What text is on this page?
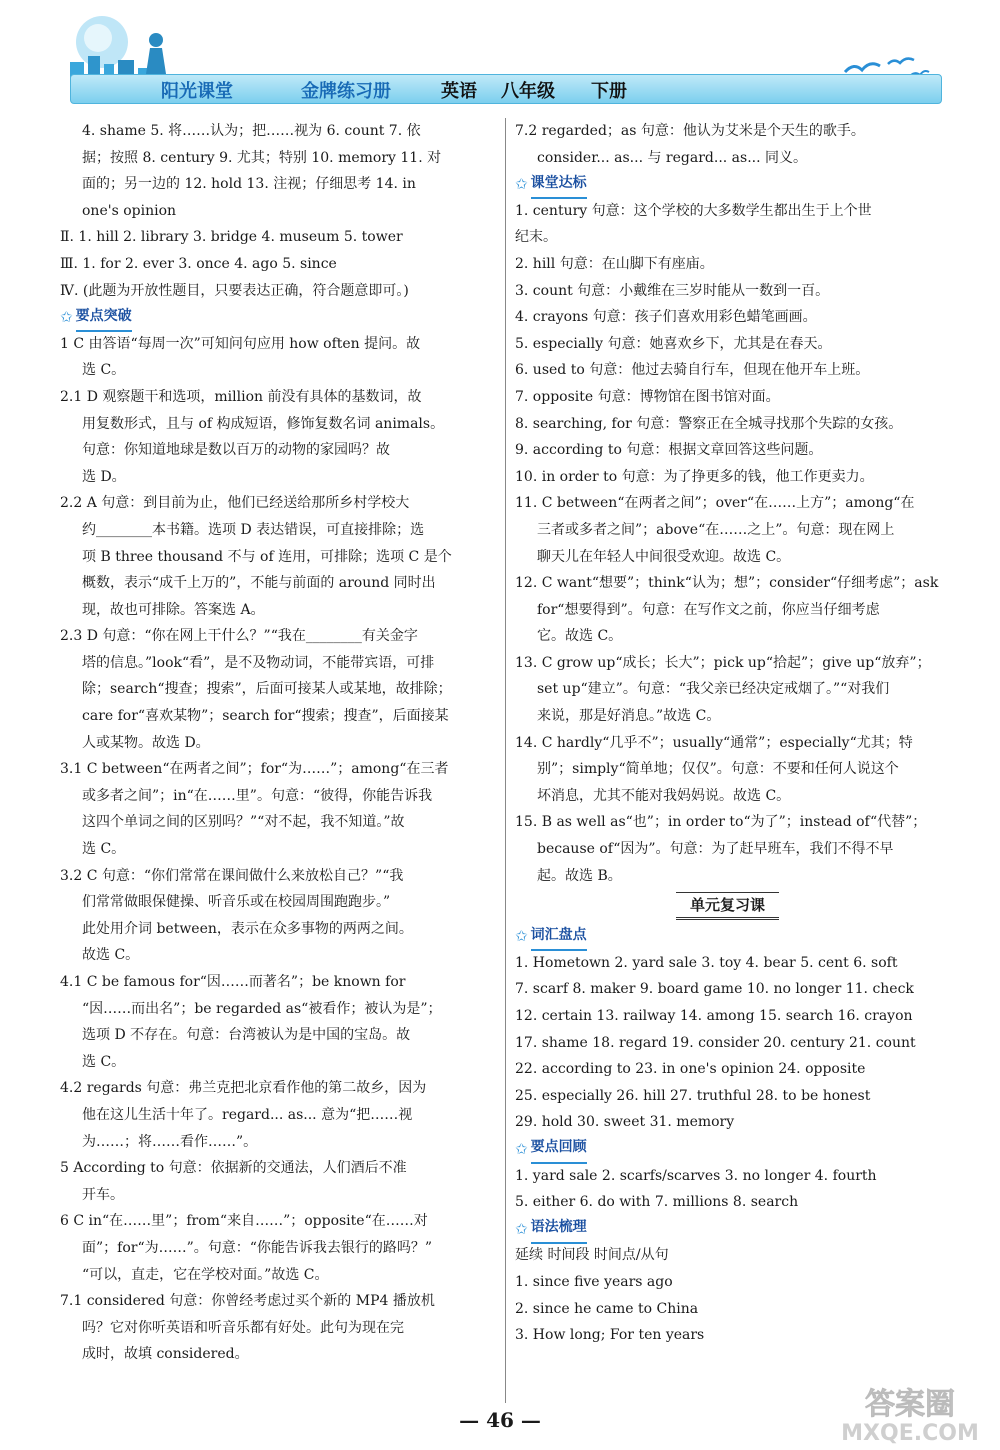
阳光课堂	金牌练习册	英语 八年级 下册
4. shame 5. 将……认为；把……视为 6. count 7. 依
据；按照 8. century 9. 尤其；特别 10. memory 11. 对
面的；另一边的 12. hold 13. 注视；仔细思考 14. in
one's opinion
Ⅱ. 1. hill 2. library 3. bridge 4. museum 5. tower
Ⅲ. 1. for 2. ever 3. once 4. ago 5. since
Ⅳ. (此题为开放性题目，只要表达正确，符合题意即可。)
✩ 要点突破
1 C 由答语“每周一次”可知问句应用 how often 提问。故
选 C。
2.1 D 观察题干和选项，million 前没有具体的基数词，故
用复数形式，且与 of 构成短语，修饰复数名词 animals。
句意：你知道地球是数以百万的动物的家园吗？故
选 D。
2.2 A 句意：到目前为止，他们已经送给那所乡村学校大
约________本书籍。选项 D 表达错误，可直接排除；选
项 B three thousand 不与 of 连用，可排除；选项 C 是个
概数，表示“成千上万的”，不能与前面的 around 同时出
现，故也可排除。答案选 A。
2.3 D 句意：“你在网上干什么？”“我在________有关金字
塔的信息。”look“看”，是不及物动词，不能带宾语，可排
除；search“搜查；搜索”，后面可接某人或某地，故排除；
care for“喜欢某物”；search for“搜索；搜查”，后面接某
人或某物。故选 D。
3.1 C between“在两者之间”；for“为……”；among“在三者
或多者之间”；in“在……里”。句意：“彼得，你能告诉我
这四个单词之间的区别吗？”“对不起，我不知道。”故
选 C。
3.2 C 句意：“你们常常在课间做什么来放松自己？”“我
们常常做眼保健操、听音乐或在校园周围跑跑步。”
此处用介词 between，表示在众多事物的两两之间。
故选 C。
4.1 C be famous for“因……而著名”；be known for
“因……而出名”；be regarded as“被看作；被认为是”；
选项 D 不存在。句意：台湾被认为是中国的宝岛。故
选 C。
4.2 regards 句意：弗兰克把北京看作他的第二故乡，因为
他在这儿生活十年了。regard... as... 意为“把……视
为……；将……看作……”。
5 According to 句意：依据新的交通法，人们酒后不准
开车。
6 C in“在……里”；from“来自……”；opposite“在……对
面”；for“为……”。句意：“你能告诉我去银行的路吗？”
“可以，直走，它在学校对面。”故选 C。
7.1 considered 句意：你曾经考虑过买个新的 MP4 播放机
吗？它对你听英语和听音乐都有好处。此句为现在完
成时，故填 considered。
7.2 regarded；as 句意：他认为艾米是个天生的歌手。
consider... as... 与 regard... as... 同义。
✩ 课堂达标
1. century 句意：这个学校的大多数学生都出生于上个世
纪末。
2. hill 句意：在山脚下有座庙。
3. count 句意：小戴维在三岁时能从一数到一百。
4. crayons 句意：孩子们喜欢用彩色蜡笔画画。
5. especially 句意：她喜欢乡下，尤其是在春天。
6. used to 句意：他过去骑自行车，但现在他开车上班。
7. opposite 句意：博物馆在图书馆对面。
8. searching, for 句意：警察正在全城寻找那个失踪的女孩。
9. according to 句意：根据文章回答这些问题。
10. in order to 句意：为了挣更多的钱，他工作更卖力。
11. C between“在两者之间”；over“在……上方”；among“在
三者或多者之间”；above“在……之上”。句意：现在网上
聊天儿在年轻人中间很受欢迎。故选 C。
12. C want“想要”；think“认为；想”；consider“仔细考虑”；ask
for“想要得到”。句意：在写作文之前，你应当仔细考虑
它。故选 C。
13. C grow up“成长；长大”；pick up“拾起”；give up“放弃”；
set up“建立”。句意：“我父亲已经决定戒烟了。”“对我们
来说，那是好消息。”故选 C。
14. C hardly“几乎不”；usually“通常”；especially“尤其；特
别”；simply“简单地；仅仅”。句意：不要和任何人说这个
坏消息，尤其不能对我妈妈说。故选 C。
15. B as well as“也”；in order to“为了”；instead of“代替”；
because of“因为”。句意：为了赶早班车，我们不得不早
起。故选 B。
单元复习课
✩ 词汇盘点
1. Hometown 2. yard sale 3. toy 4. bear 5. cent 6. soft
7. scarf 8. maker 9. board game 10. no longer 11. check
12. certain 13. railway 14. among 15. search 16. crayon
17. shame 18. regard 19. consider 20. century 21. count
22. according to 23. in one's opinion 24. opposite
25. especially 26. hill 27. truthful 28. to be honest
29. hold 30. sweet 31. memory
✩ 要点回顾
1. yard sale 2. scarfs/scarves 3. no longer 4. fourth
5. either 6. do with 7. millions 8. search
✩ 语法梳理
延续 时间段 时间点/从句
1. since five years ago
2. since he came to China
3. How long; For ten years
— 46 —	答案圈
MXQE.COM
